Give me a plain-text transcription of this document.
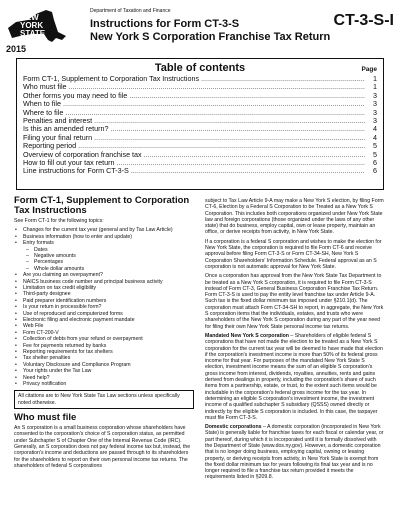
NEW
YORK
STATE
2015
Department of Taxation and Finance
Instructions for Form CT-3-S
New York S Corporation Franchise Tax Return
CT-3-S-I
Table of contents	Page
Form CT-1, Supplement to Corporation Tax Instructions .....	1
Who must file .....	1
Other forms you may need to file .....	3
When to file .....	3
Where to file .....	3
Penalties and interest .....	3
Is this an amended return? .....	4
Filing your final return .....	4
Reporting period .....	5
Overview of corporation franchise tax .....	5
How to fill out your tax return .....	6
Line instructions for Form CT-3-S .....	6
Form CT-1, Supplement to Corporation Tax Instructions

See Form CT-1 for the following topics:

• Changes for the current tax year (general and by Tax Law Article)
• Business information (how to enter and update)
• Entry formats
– Dates
– Negative amounts
– Percentages
– Whole dollar amounts
• Are you claiming an overpayment?
• NAICS business code number and principal business activity
• Limitation on tax credit eligibility
• Third-party designee
• Paid preparer identification numbers
• Is your return in processible form?
• Use of reproduced and computerized forms
• Electronic filing and electronic payment mandate
• Web File
• Form CT-200-V
• Collection of debts from your refund or overpayment
• Fee for payments returned by banks
• Reporting requirements for tax shelters
• Tax shelter penalties
• Voluntary Disclosure and Compliance Program
• Your rights under the Tax Law
• Need help?
• Privacy notification
All citations are to New York State Tax Law sections unless specifically noted otherwise.
Who must file

An S corporation is a small business corporation whose shareholders have consented to the corporation's choice of S corporation status, as permitted under Subchapter S of Chapter One of the Internal Revenue Code (IRC). Generally, an S corporation does not pay federal income tax but, instead, the corporation's income and deductions are passed through to its shareholders for the shareholders to report on their own personal income tax returns. The shareholders of federal S corporations

subject to Tax Law Article 9-A may make a New York S election, by filing Form CT-6, Election by a Federal S Corporation to be Treated as a New York S Corporation. This includes both corporations organized under New York State law and foreign corporations (those organized under the laws of any other state) that do business, employ capital, own or lease property, maintain an office, or derive receipts from activity, in New York State.

If a corporation is a federal S corporation and wishes to make the election for New York State, the corporation is required to file Form CT-6 and receive approval before filing Form CT-3-S or Form CT-34-SH, New York S Corporation Shareholders' Information Schedule. Federal approval as an S corporation is not automatic approval for New York State.

Once a corporation has approval from the New York State Tax Department to be treated as a New York S corporation, it is required to file Form CT-3-S instead of Form CT-3, General Business Corporation Franchise Tax Return. Form CT-3-S is used to pay the entity level franchise tax under Article 9-A. Such tax is the fixed dollar minimum tax imposed under §210.1(d). The corporation must attach Form CT-34-SH to report, in aggregate, the New York S corporation items that the individuals, estates, and trusts who were shareholders of the New York S corporation during any part of the year need for filing their own New York State personal income tax returns.

Mandated New York S corporation – Shareholders of eligible federal S corporations that have not made the election to be treated as a New York S corporation for the current tax year will be deemed to have made that election if the corporation's investment income is more than 50% of its federal gross income for that year. For purposes of the mandated New York State S election, investment income means the sum of an eligible S corporation's gross income from interest, dividends, royalties, annuities, rents and gains derived from dealings in property, including the corporation's share of such items from a partnership, estate, or trust, to the extent such items would be includable in the corporation's federal gross income for the tax year. In determining an eligible S corporation's investment income, the investment income of a qualified subchapter S subsidiary (QSSS) owned directly or indirectly by the eligible S corporation is included. In this case, the taxpayer must file Form CT-3-S.

Domestic corporations – A domestic corporation (incorporated in New York State) is generally liable for franchise taxes for each fiscal or calendar year, or part thereof, during which it is incorporated until it is formally dissolved with the Department of State (www.dos.ny.gov). However, a domestic corporation that is no longer doing business, employing capital, owning or leasing property, or deriving receipts from activity, in New York State is exempt from the fixed dollar minimum tax for years following its final tax year and is no longer required to file a franchise tax return provided it meets the requirements listed in §209.8.
